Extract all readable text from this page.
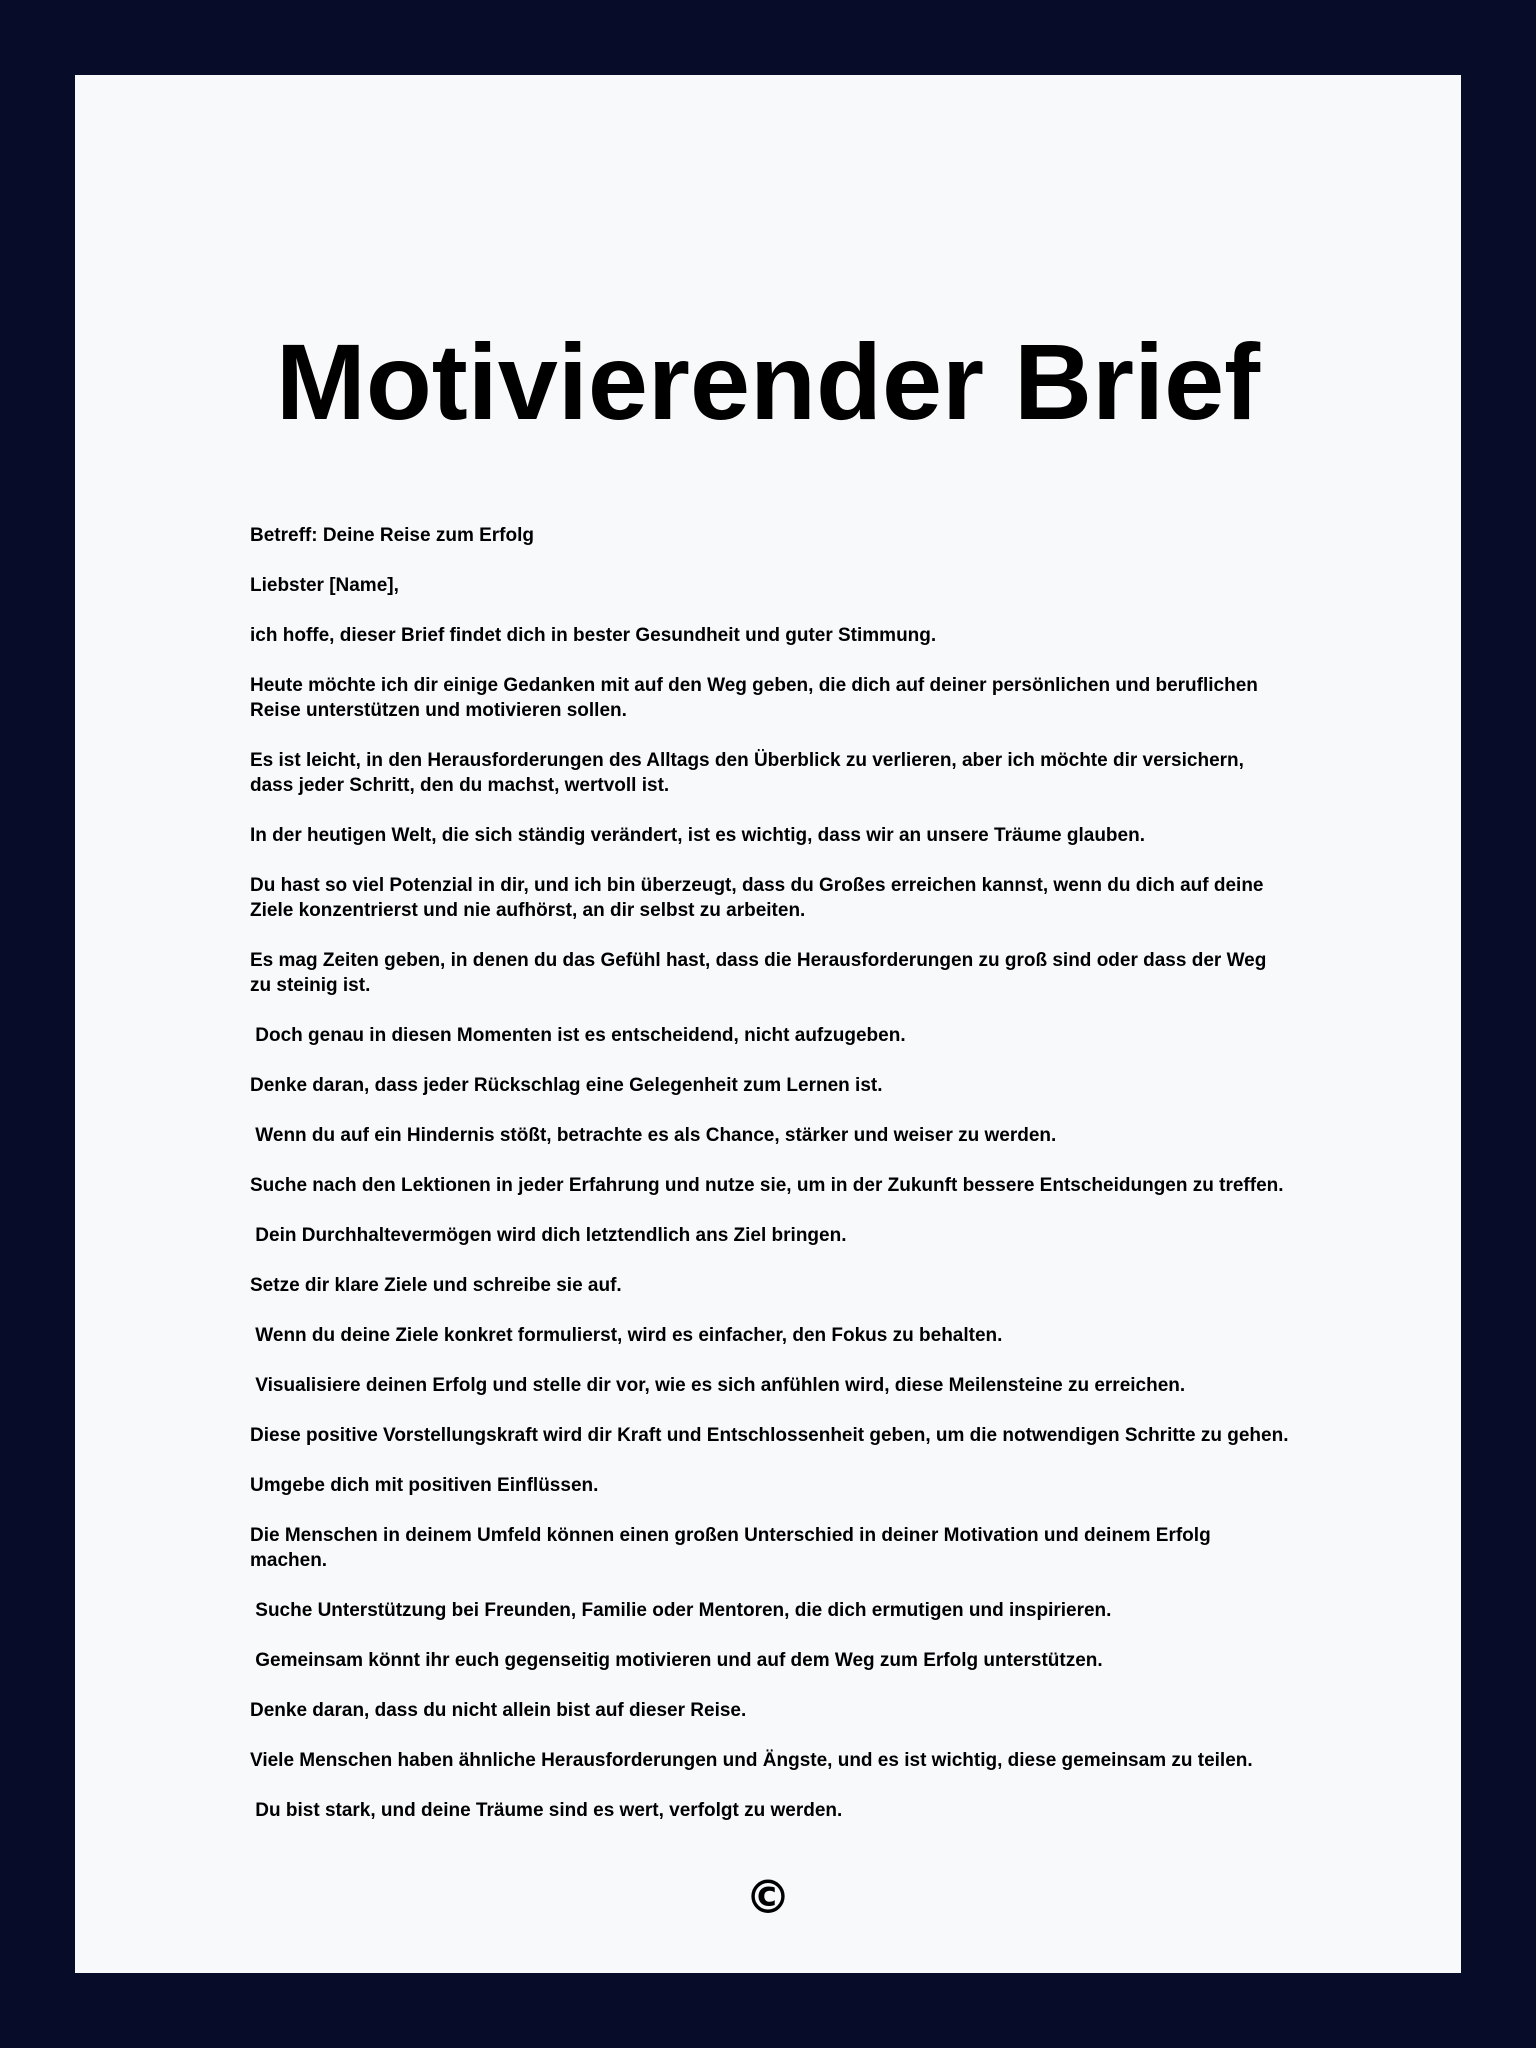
Motivierender Brief

Betreff: Deine Reise zum Erfolg

Liebster [Name],

ich hoffe, dieser Brief findet dich in bester Gesundheit und guter Stimmung.

Heute möchte ich dir einige Gedanken mit auf den Weg geben, die dich auf deiner persönlichen und beruflichen Reise unterstützen und motivieren sollen.

Es ist leicht, in den Herausforderungen des Alltags den Überblick zu verlieren, aber ich möchte dir versichern, dass jeder Schritt, den du machst, wertvoll ist.

In der heutigen Welt, die sich ständig verändert, ist es wichtig, dass wir an unsere Träume glauben.

Du hast so viel Potenzial in dir, und ich bin überzeugt, dass du Großes erreichen kannst, wenn du dich auf deine Ziele konzentrierst und nie aufhörst, an dir selbst zu arbeiten.

Es mag Zeiten geben, in denen du das Gefühl hast, dass die Herausforderungen zu groß sind oder dass der Weg zu steinig ist.

Doch genau in diesen Momenten ist es entscheidend, nicht aufzugeben.

Denke daran, dass jeder Rückschlag eine Gelegenheit zum Lernen ist.

Wenn du auf ein Hindernis stößt, betrachte es als Chance, stärker und weiser zu werden.

Suche nach den Lektionen in jeder Erfahrung und nutze sie, um in der Zukunft bessere Entscheidungen zu treffen.

Dein Durchhaltevermögen wird dich letztendlich ans Ziel bringen.

Setze dir klare Ziele und schreibe sie auf.

Wenn du deine Ziele konkret formulierst, wird es einfacher, den Fokus zu behalten.

Visualisiere deinen Erfolg und stelle dir vor, wie es sich anfühlen wird, diese Meilensteine zu erreichen.

Diese positive Vorstellungskraft wird dir Kraft und Entschlossenheit geben, um die notwendigen Schritte zu gehen.

Umgebe dich mit positiven Einflüssen.

Die Menschen in deinem Umfeld können einen großen Unterschied in deiner Motivation und deinem Erfolg machen.

Suche Unterstützung bei Freunden, Familie oder Mentoren, die dich ermutigen und inspirieren.

Gemeinsam könnt ihr euch gegenseitig motivieren und auf dem Weg zum Erfolg unterstützen.

Denke daran, dass du nicht allein bist auf dieser Reise.

Viele Menschen haben ähnliche Herausforderungen und Ängste, und es ist wichtig, diese gemeinsam zu teilen.

Du bist stark, und deine Träume sind es wert, verfolgt zu werden.

©
